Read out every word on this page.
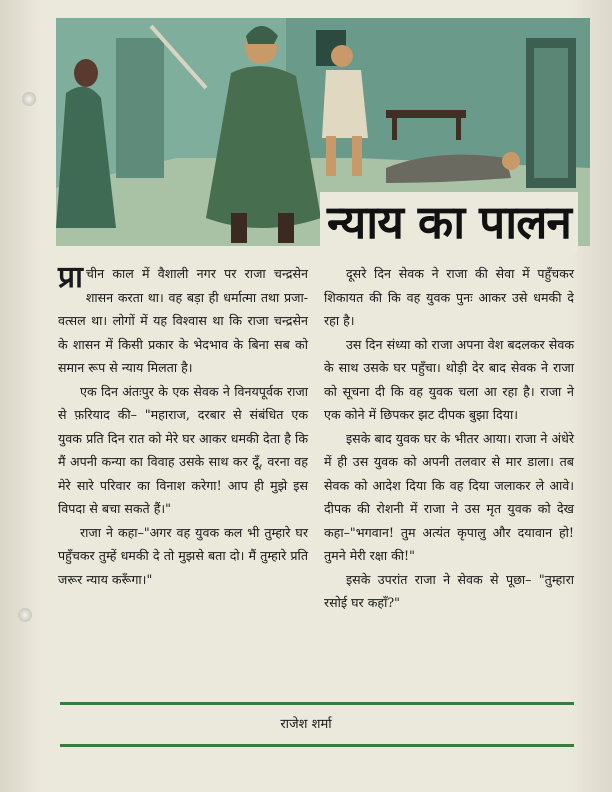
न्याय का पालन

प्रा चीन काल में वैशाली नगर पर राजा चन्द्रसेन शासन करता था। वह बड़ा ही धर्मात्मा तथा प्रजा-वत्सल था। लोगों में यह विश्वास था कि राजा चन्द्रसेन के शासन में किसी प्रकार के भेदभाव के बिना सब को समान रूप से न्याय मिलता है।

एक दिन अंतःपुर के एक सेवक ने विनयपूर्वक राजा से फ़रियाद की– "महाराज, दरबार से संबंधित एक युवक प्रति दिन रात को मेरे घर आकर धमकी देता है कि मैं अपनी कन्या का विवाह उसके साथ कर दूँ, वरना वह मेरे सारे परिवार का विनाश करेगा! आप ही मुझे इस विपदा से बचा सकते हैं।"

राजा ने कहा–"अगर वह युवक कल भी तुम्हारे घर पहुँचकर तुम्हें धमकी दे तो मुझसे बता दो। मैं तुम्हारे प्रति जरूर न्याय करूँगा।"

दूसरे दिन सेवक ने राजा की सेवा में पहुँचकर शिकायत की कि वह युवक पुनः आकर उसे धमकी दे रहा है।

उस दिन संध्या को राजा अपना वेश बदलकर सेवक के साथ उसके घर पहुँचा। थोड़ी देर बाद सेवक ने राजा को सूचना दी कि वह युवक चला आ रहा है। राजा ने एक कोने में छिपकर झट दीपक बुझा दिया।

इसके बाद युवक घर के भीतर आया। राजा ने अंधेरे में ही उस युवक को अपनी तलवार से मार डाला। तब सेवक को आदेश दिया कि वह दिया जलाकर ले आवे। दीपक की रोशनी में राजा ने उस मृत युवक को देख कहा–"भगवान! तुम अत्यंत कृपालु और दयावान हो! तुमने मेरी रक्षा की!"

इसके उपरांत राजा ने सेवक से पूछा– "तुम्हारा रसोई घर कहाँ?"

राजेश शर्मा
